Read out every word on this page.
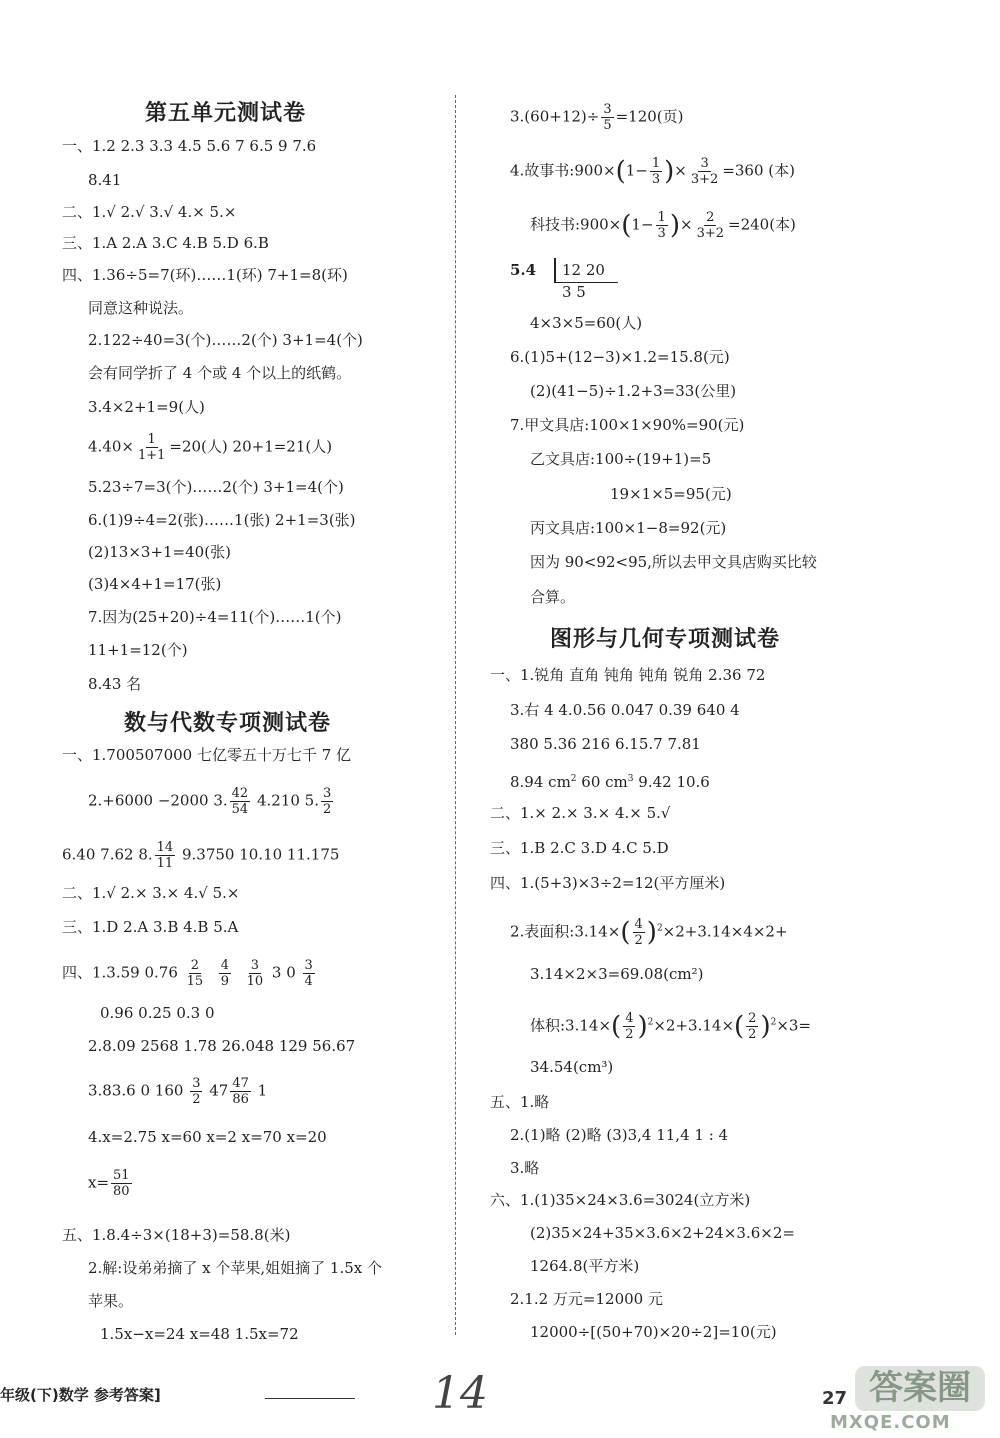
第五单元测试卷
一、1.2 2.3 3.3 4.5 5.6 7 6.5 9 7.6
8.41
二、1.√ 2.√ 3.√ 4.× 5.×
三、1.A 2.A 3.C 4.B 5.D 6.B
四、1.36÷5=7(环)……1(环) 7+1=8(环)
同意这种说法。
2.122÷40=3(个)……2(个) 3+1=4(个)
会有同学折了 4 个或 4 个以上的纸鹤。
3.4×2+1=9(人)
$4.40\times \frac{1}{1+1} =20$(人) 20+1=21(人)
5.23÷7=3(个)……2(个) 3+1=4(个)
6.(1)9÷4=2(张)……1(张) 2+1=3(张)
(2)13×3+1=40(张)
(3)4×4+1=17(张)
7.因为(25+20)÷4=11(个)……1(个)
11+1=12(个)
8.43 名
数与代数专项测试卷
一、1.700507000 七亿零五十万七千 7 亿
2.+6000 −2000 3. $\frac{42}{54} 4.210$ 5. $\frac{3}{2}$
6.40 7.62 8. $\frac{14}{11} 9.3750$ 10.10 11.175
二、1.√ 2.× 3.× 4.√ 5.×
三、1.D 2.A 3.B 4.B 5.A
四、1.3.59 $0.76 \frac{2}{15}$
$\frac{4}{9}$
$\frac{3}{10} 3$ $0 \frac{3}{4}$
0.96 0.25 0.3 0
2.8.09 2568 1.78 26.048 129 56.67
3.83.6 0 $160 \frac{3}{2} 47 \frac{47}{86} 1$
4.x=2.75 x=60 x=2 x=70 x=20
$x= \frac{51}{80}$
五、1.8.4÷3×(18+3)=58.8(米)
2.解:设弟弟摘了 x 个苹果,姐姐摘了 1.5x 个
苹果。
1.5x−x=24 x=48 1.5x=72
$3.(60+12)\div \frac{3}{5} =120$(页)
4.故事书:900×(1− $\frac{1}{3}$ )× $\frac{3}{3+2} =360$ (本)
科技书:900×(1− $\frac{1}{3}$ )× $\frac{2}{3+2} =240$(本)
5.4 12 20
3 5
4×3×5=60(人)
6.(1)5+(12−3)×1.2=15.8(元)
(2)(41−5)÷1.2+3=33(公里)
7.甲文具店:100×1×90%=90(元)
乙文具店:100÷(19+1)=5
19×1×5=95(元)
丙文具店:100×1−8=92(元)
因为 90<92<95,所以去甲文具店购买比较
合算。
图形与几何专项测试卷
一、1.锐角 直角 钝角 钝角 锐角 2.36 72
3.右 4 4.0.56 0.047 0.39 640 4
380 5.36 216 6.15.7 7.81
8.94 $cm^2$ 60 $cm^3$ 9.42 10.6
二、1.× 2.× 3.× 4.× 5.√
三、1.B 2.C 3.D 4.C 5.D
四、1.(5+3)×3÷2=12(平方厘米)
2.表面积:3.14×( $\frac{4}{2} )^2\times 2+3.14\times 4\times 2+$
3.14×2×3=69.08(cm²)
体积:3.14×( $\frac{4}{2} )^2\times 2+3.14\times( \frac{2}{2} )^2\times 3=$
34.54(cm³)
五、1.略
2.(1)略 (2)略 (3)3,4 11,4 1 : 4
3.略
六、1.(1)35×24×3.6=3024(立方米)
(2)35×24+35×3.6×2+24×3.6×2=
1264.8(平方米)
2.1.2 万元=12000 元
12000÷[(50+70)×20÷2]=10(元)
年级(下)数学 参考答案]	14	27 答案圈
MXQE.COM
